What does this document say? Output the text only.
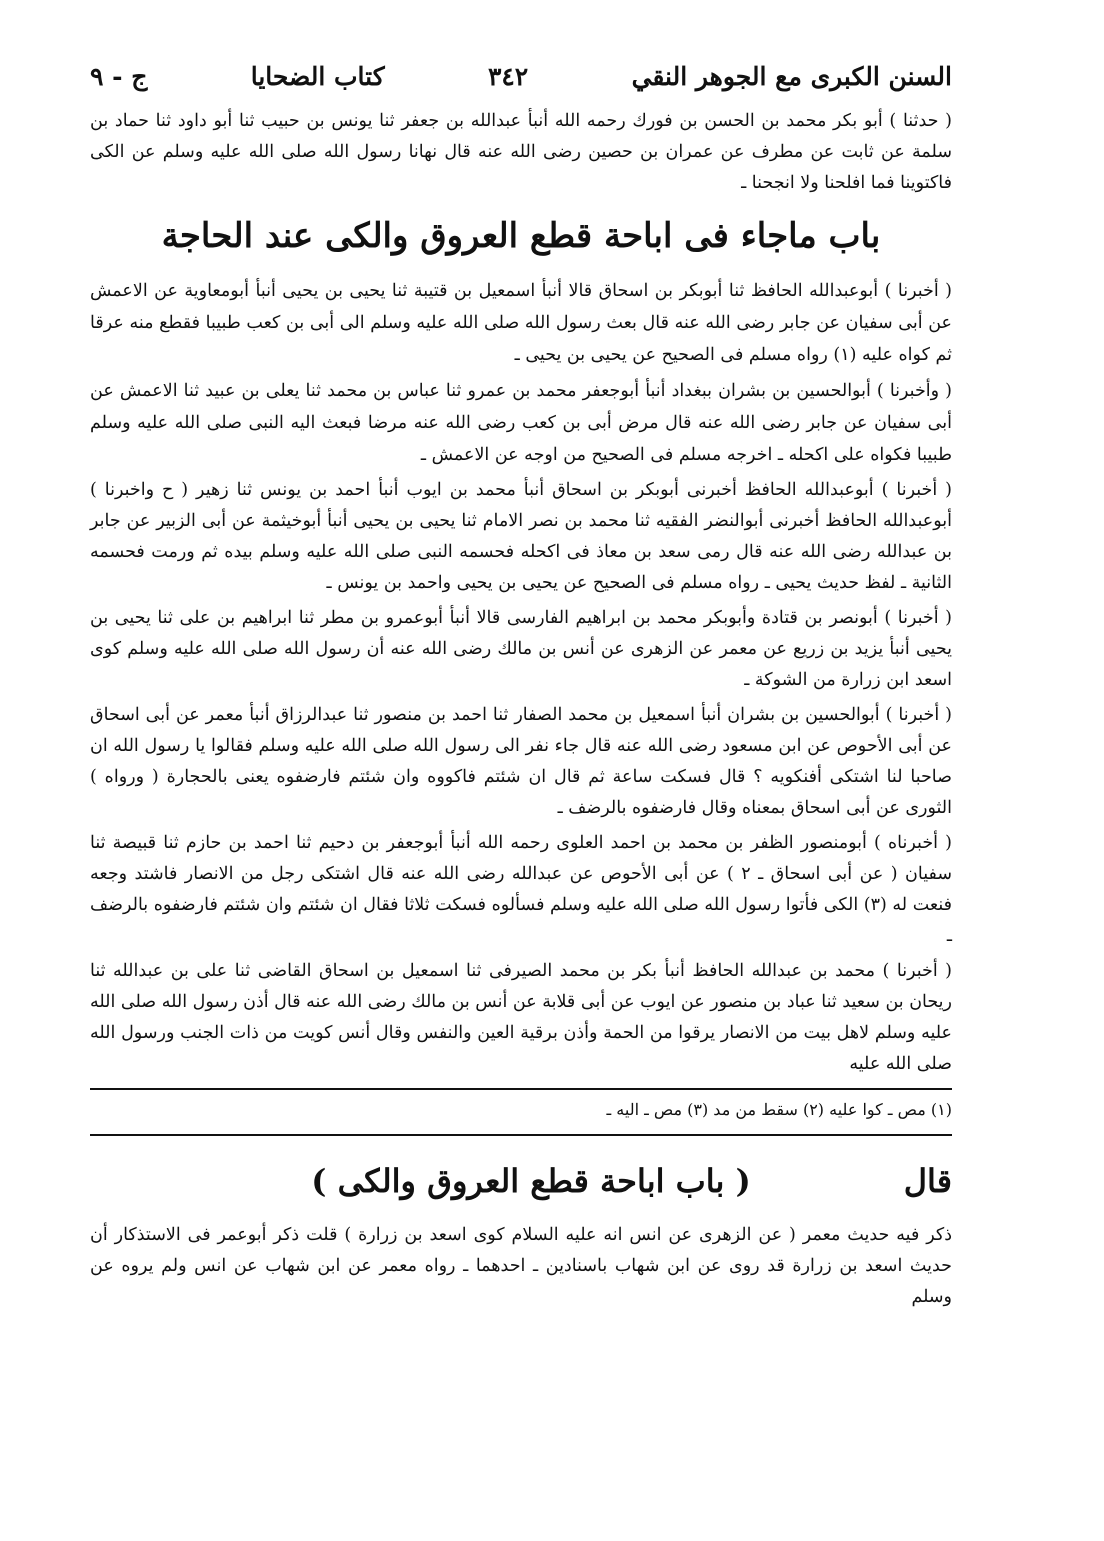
السنن الكبرى مع الجوهر النقي
٣٤٢
كتاب الضحايا
ج - ٩

( حدثنا ) أبو بكر محمد بن الحسن بن فورك رحمه الله أنبأ عبدالله بن جعفر ثنا يونس بن حبيب ثنا أبو داود ثنا حماد بن سلمة عن ثابت عن مطرف عن عمران بن حصين رضى الله عنه قال نهانا رسول الله صلى الله عليه وسلم عن الكى فاكتوينا فما افلحنا ولا انجحنا ـ

باب ماجاء فى اباحة قطع العروق والكى عند الحاجة

( أخبرنا ) أبوعبدالله الحافظ ثنا أبوبكر بن اسحاق قالا أنبأ اسمعيل بن قتيبة ثنا يحيى بن يحيى أنبأ أبومعاوية عن الاعمش عن أبى سفيان عن جابر رضى الله عنه قال بعث رسول الله صلى الله عليه وسلم الى أبى بن كعب طبيبا فقطع منه عرقا ثم كواه عليه (١) رواه مسلم فى الصحيح عن يحيى بن يحيى ـ

( وأخبرنا ) أبوالحسين بن بشران ببغداد أنبأ أبوجعفر محمد بن عمرو ثنا عباس بن محمد ثنا يعلى بن عبيد ثنا الاعمش عن أبى سفيان عن جابر رضى الله عنه قال مرض أبى بن كعب رضى الله عنه مرضا فبعث اليه النبى صلى الله عليه وسلم طبيبا فكواه على اكحله ـ اخرجه مسلم فى الصحيح من اوجه عن الاعمش ـ

( أخبرنا ) أبوعبدالله الحافظ أخبرنى أبوبكر بن اسحاق أنبأ محمد بن ايوب أنبأ احمد بن يونس ثنا زهير ( ح واخبرنا ) أبوعبدالله الحافظ أخبرنى أبوالنضر الفقيه ثنا محمد بن نصر الامام ثنا يحيى بن يحيى أنبأ أبوخيثمة عن أبى الزبير عن جابر بن عبدالله رضى الله عنه قال رمى سعد بن معاذ فى اكحله فحسمه النبى صلى الله عليه وسلم بيده ثم ورمت فحسمه الثانية ـ لفظ حديث يحيى ـ رواه مسلم فى الصحيح عن يحيى بن يحيى واحمد بن يونس ـ

( أخبرنا ) أبونصر بن قتادة وأبوبكر محمد بن ابراهيم الفارسى قالا أنبأ أبوعمرو بن مطر ثنا ابراهيم بن على ثنا يحيى بن يحيى أنبأ يزيد بن زريع عن معمر عن الزهرى عن أنس بن مالك رضى الله عنه أن رسول الله صلى الله عليه وسلم كوى اسعد ابن زرارة من الشوكة ـ

( أخبرنا ) أبوالحسين بن بشران أنبأ اسمعيل بن محمد الصفار ثنا احمد بن منصور ثنا عبدالرزاق أنبأ معمر عن أبى اسحاق عن أبى الأحوص عن ابن مسعود رضى الله عنه قال جاء نفر الى رسول الله صلى الله عليه وسلم فقالوا يا رسول الله ان صاحبا لنا اشتكى أفنكويه ؟ قال فسكت ساعة ثم قال ان شئتم فاكووه وان شئتم فارضفوه يعنى بالحجارة ( ورواه ) الثورى عن أبى اسحاق بمعناه وقال فارضفوه بالرضف ـ

( أخبرناه ) أبومنصور الظفر بن محمد بن احمد العلوى رحمه الله أنبأ أبوجعفر بن دحيم ثنا احمد بن حازم ثنا قبيصة ثنا سفيان ( عن أبى اسحاق ـ ٢ ) عن أبى الأحوص عن عبدالله رضى الله عنه قال اشتكى رجل من الانصار فاشتد وجعه فنعت له (٣) الكى فأتوا رسول الله صلى الله عليه وسلم فسألوه فسكت ثلاثا فقال ان شئتم وان شئتم فارضفوه بالرضف ـ

( أخبرنا ) محمد بن عبدالله الحافظ أنبأ بكر بن محمد الصيرفى ثنا اسمعيل بن اسحاق القاضى ثنا على بن عبدالله ثنا ريحان بن سعيد ثنا عباد بن منصور عن ايوب عن أبى قلابة عن أنس بن مالك رضى الله عنه قال أذن رسول الله صلى الله عليه وسلم لاهل بيت من الانصار يرقوا من الحمة وأذن برقية العين والنفس وقال أنس كويت من ذات الجنب ورسول الله صلى الله عليه

(١) مص ـ كوا عليه (٢) سقط من مد (٣) مص ـ اليه ـ
قال
( باب اباحة قطع العروق والكى )

ذكر فيه حديث معمر ( عن الزهرى عن انس انه عليه السلام كوى اسعد بن زرارة ) قلت ذكر أبوعمر فى الاستذكار أن حديث اسعد بن زرارة قد روى عن ابن شهاب باسنادين ـ احدهما ـ رواه معمر عن ابن شهاب عن انس ولم يروه عن وسلم
